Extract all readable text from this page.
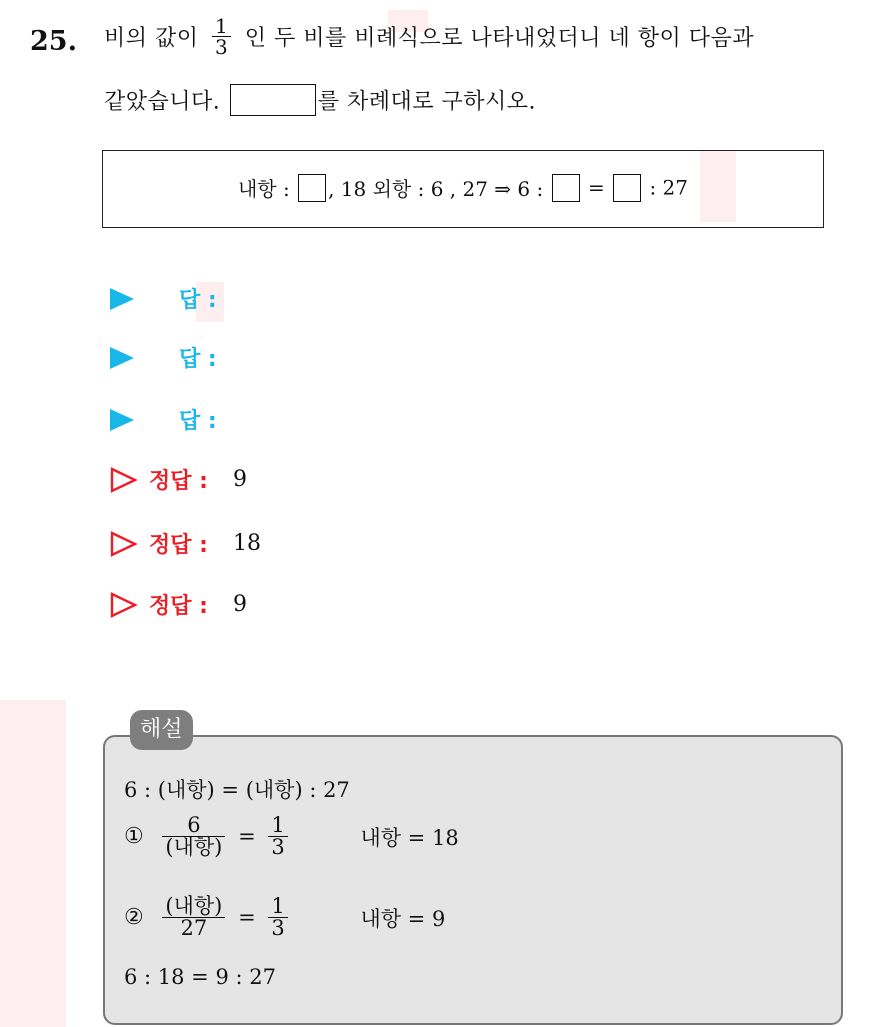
25. 비의 값이 $\frac{1}{3}$ 인 두 비를 비례식으로 나타내었더니 네 항이 다음과
같았습니다.	를 차례대로 구하시오.
내항 : , 18 외항 : 6 , 27 ⇒ 6 : = : 27
답 :
답 :
답 :
정답 : 9
정답 : 18
정답 : 9
해설
6 : (내항) = (내항) : 27
① $\frac{6}{\text{(내항)}} = \frac{1}{3}$	내항 = 18
② $\frac{\text{(내항)}}{27} = \frac{1}{3}$	내항 = 9
6 : 18 = 9 : 27
